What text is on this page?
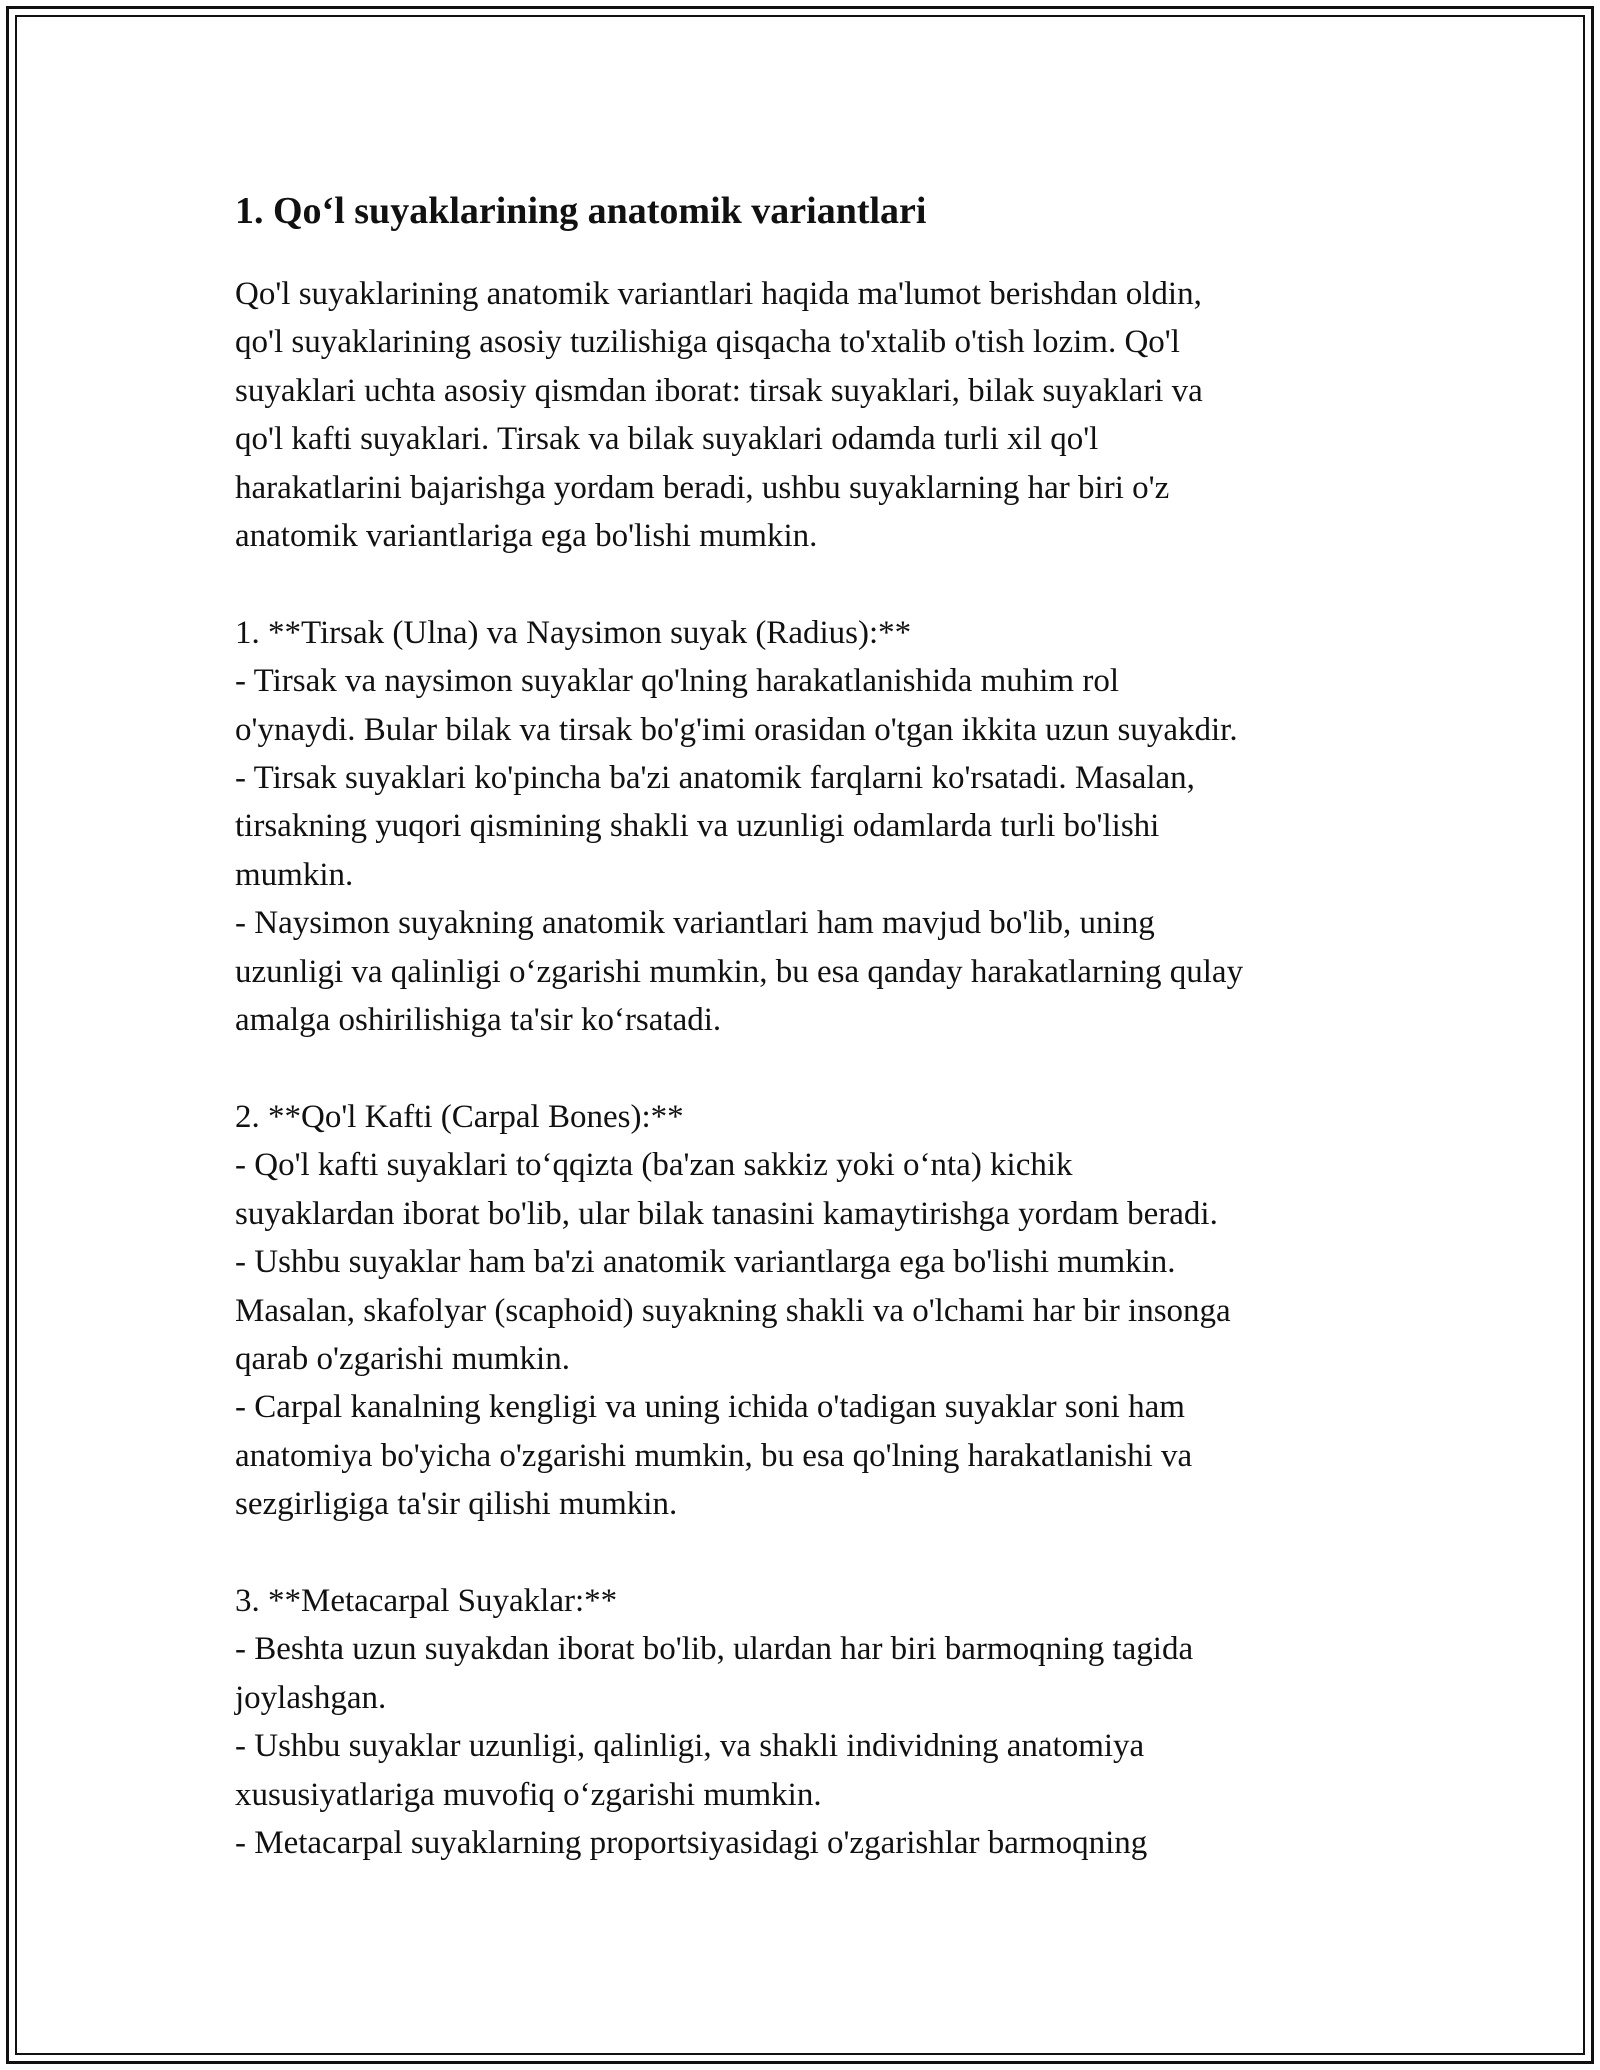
1. Qo‘l suyaklarining anatomik variantlari

Qo'l suyaklarining anatomik variantlari haqida ma'lumot berishdan oldin,
qo'l suyaklarining asosiy tuzilishiga qisqacha to'xtalib o'tish lozim. Qo'l
suyaklari uchta asosiy qismdan iborat: tirsak suyaklari, bilak suyaklari va
qo'l kafti suyaklari. Tirsak va bilak suyaklari odamda turli xil qo'l
harakatlarini bajarishga yordam beradi, ushbu suyaklarning har biri o'z
anatomik variantlariga ega bo'lishi mumkin.

1. **Tirsak (Ulna) va Naysimon suyak (Radius):**

- Tirsak va naysimon suyaklar qo'lning harakatlanishida muhim rol
o'ynaydi. Bular bilak va tirsak bo'g'imi orasidan o'tgan ikkita uzun suyakdir.

- Tirsak suyaklari ko'pincha ba'zi anatomik farqlarni ko'rsatadi. Masalan,
tirsakning yuqori qismining shakli va uzunligi odamlarda turli bo'lishi
mumkin.

- Naysimon suyakning anatomik variantlari ham mavjud bo'lib, uning
uzunligi va qalinligi o‘zgarishi mumkin, bu esa qanday harakatlarning qulay
amalga oshirilishiga ta'sir ko‘rsatadi.

2. **Qo'l Kafti (Carpal Bones):**

- Qo'l kafti suyaklari to‘qqizta (ba'zan sakkiz yoki o‘nta) kichik
suyaklardan iborat bo'lib, ular bilak tanasini kamaytirishga yordam beradi.

- Ushbu suyaklar ham ba'zi anatomik variantlarga ega bo'lishi mumkin.
Masalan, skafolyar (scaphoid) suyakning shakli va o'lchami har bir insonga
qarab o'zgarishi mumkin.

- Carpal kanalning kengligi va uning ichida o'tadigan suyaklar soni ham
anatomiya bo'yicha o'zgarishi mumkin, bu esa qo'lning harakatlanishi va
sezgirligiga ta'sir qilishi mumkin.

3. **Metacarpal Suyaklar:**

- Beshta uzun suyakdan iborat bo'lib, ulardan har biri barmoqning tagida
joylashgan.

- Ushbu suyaklar uzunligi, qalinligi, va shakli individning anatomiya
xususiyatlariga muvofiq o‘zgarishi mumkin.

- Metacarpal suyaklarning proportsiyasidagi o'zgarishlar barmoqning
